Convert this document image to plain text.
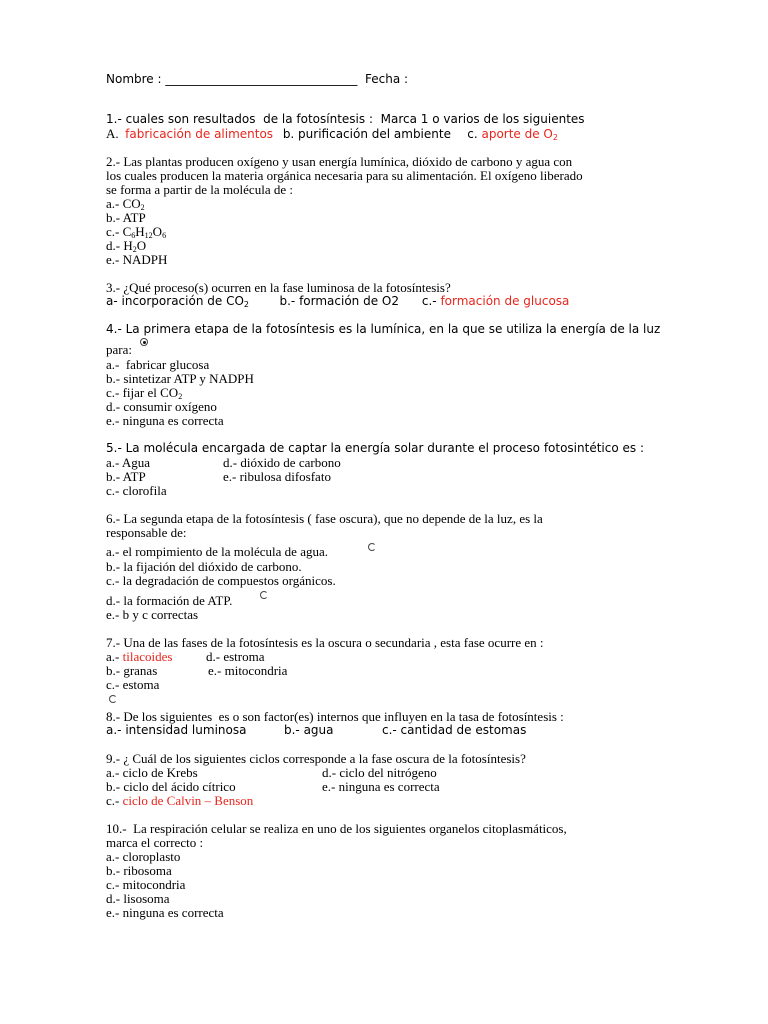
Nombre : ________________________________ Fecha :
1.- cuales son resultados  de la fotosíntesis :  Marca 1 o varios de los siguientes
A.  fabricación de alimentos b. purificación del ambiente c. aporte de $O_2$
2.- Las plantas producen oxígeno y usan energía lumínica, dióxido de carbono y agua con
los cuales producen la materia orgánica necesaria para su alimentación. El oxígeno liberado
se forma a partir de la molécula de :
a.- $CO_2$
b.- ATP
c.- $C_6H_{12}O_6$
d.- $H_2O$
e.- NADPH
3.- ¿Qué proceso(s) ocurren en la fase luminosa de la fotosíntesis?
a- incorporación de $CO_2$	b.- formación de O2 c.- formación de glucosa
4.- La primera etapa de la fotosíntesis es la lumínica, en la que se utiliza la energía de la luz
para:
a.-  fabricar glucosa
b.- sintetizar ATP y NADPH
c.- fijar el $CO_2$
d.- consumir oxígeno
e.- ninguna es correcta
5.- La molécula encargada de captar la energía solar durante el proceso fotosintético es :
a.- Agua	d.- dióxido de carbono
b.- ATP	e.- ribulosa difosfato
c.- clorofila
6.- La segunda etapa de la fotosíntesis ( fase oscura), que no depende de la luz, es la
responsable de:
a.- el rompimiento de la molécula de agua.
b.- la fijación del dióxido de carbono.
c.- la degradación de compuestos orgánicos.
d.- la formación de ATP.
e.- b y c correctas
7.- Una de las fases de la fotosíntesis es la oscura o secundaria , esta fase ocurre en :
a.- tilacoides	d.- estroma
b.- granas	e.- mitocondria
c.- estoma
8.- De los siguientes  es o son factor(es) internos que influyen en la tasa de fotosíntesis :
a.- intensidad luminosa	b.- agua	c.- cantidad de estomas
9.- ¿ Cuál de los siguientes ciclos corresponde a la fase oscura de la fotosíntesis?
a.- ciclo de Krebs	d.- ciclo del nitrógeno
b.- ciclo del ácido cítrico	e.- ninguna es correcta
c.- ciclo de Calvin – Benson
10.-  La respiración celular se realiza en uno de los siguientes organelos citoplasmáticos,
marca el correcto :
a.- cloroplasto
b.- ribosoma
c.- mitocondria
d.- lisosoma
e.- ninguna es correcta
